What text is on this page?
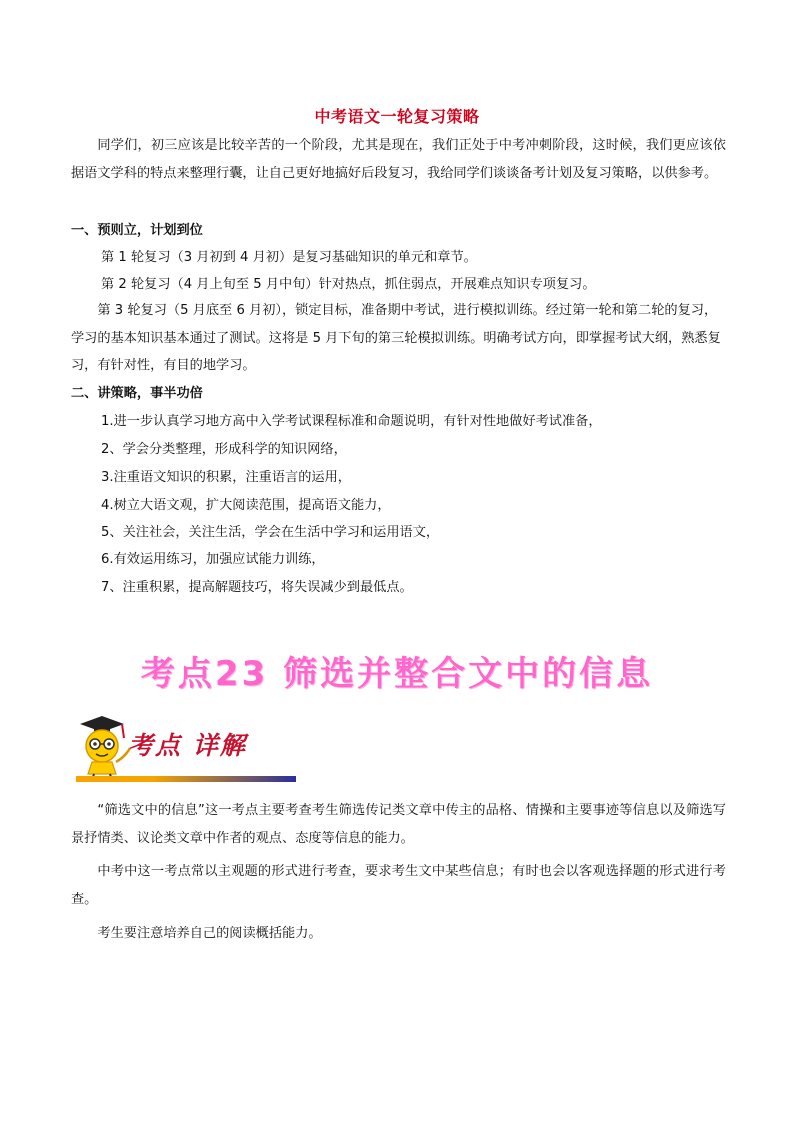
中考语文一轮复习策略
同学们，初三应该是比较辛苦的一个阶段，尤其是现在，我们正处于中考冲刺阶段，这时候，我们更应该依据语文学科的特点来整理行囊，让自己更好地搞好后段复习，我给同学们谈谈备考计划及复习策略，以供参考。
一、预则立，计划到位
第 1 轮复习（3 月初到 4 月初）是复习基础知识的单元和章节。
第 2 轮复习（4 月上旬至 5 月中旬）针对热点，抓住弱点，开展难点知识专项复习。
第 3 轮复习（5 月底至 6 月初），锁定目标，准备期中考试，进行模拟训练。经过第一轮和第二轮的复习，学习的基本知识基本通过了测试。这将是 5 月下旬的第三轮模拟训练。明确考试方向，即掌握考试大纲，熟悉复习，有针对性，有目的地学习。
二、讲策略，事半功倍
1.进一步认真学习地方高中入学考试课程标准和命题说明，有针对性地做好考试准备，
2、学会分类整理，形成科学的知识网络，
3.注重语文知识的积累，注重语言的运用，
4.树立大语文观，扩大阅读范围，提高语文能力，
5、关注社会，关注生活，学会在生活中学习和运用语文，
6.有效运用练习，加强应试能力训练，
7、注重积累，提高解题技巧，将失误减少到最低点。
考点23 筛选并整合文中的信息
考点 详解
“筛选文中的信息”这一考点主要考查考生筛选传记类文章中传主的品格、情操和主要事迹等信息以及筛选写景抒情类、议论类文章中作者的观点、态度等信息的能力。
中考中这一考点常以主观题的形式进行考查，要求考生文中某些信息；有时也会以客观选择题的形式进行考查。
考生要注意培养自己的阅读概括能力。
